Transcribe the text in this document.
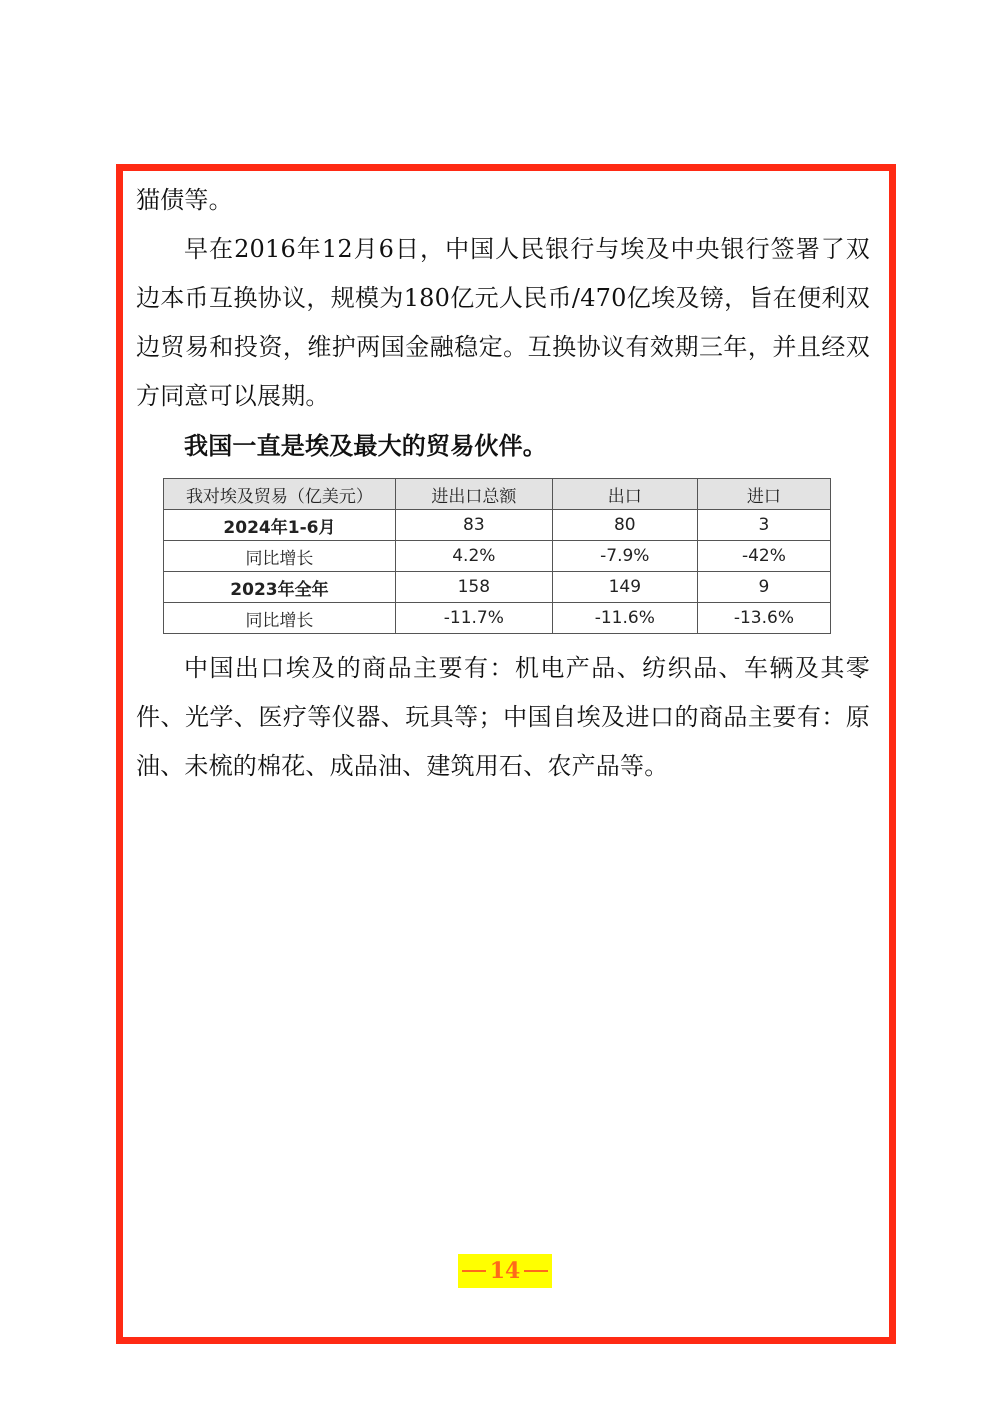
猫债等。

早在2016年12月6日，中国人民银行与埃及中央银行签署了双边本币互换协议，规模为180亿元人民币/470亿埃及镑，旨在便利双边贸易和投资，维护两国金融稳定。互换协议有效期三年，并且经双方同意可以展期。

我国一直是埃及最大的贸易伙伴。

我对埃及贸易（亿美元）	进出口总额	出口	进口
2024年1-6月	83	80	3
同比增长	4.2%	-7.9%	-42%
2023年全年	158	149	9
同比增长	-11.7%	-11.6%	-13.6%

中国出口埃及的商品主要有：机电产品、纺织品、车辆及其零件、光学、医疗等仪器、玩具等；中国自埃及进口的商品主要有：原油、未梳的棉花、成品油、建筑用石、农产品等。

14
